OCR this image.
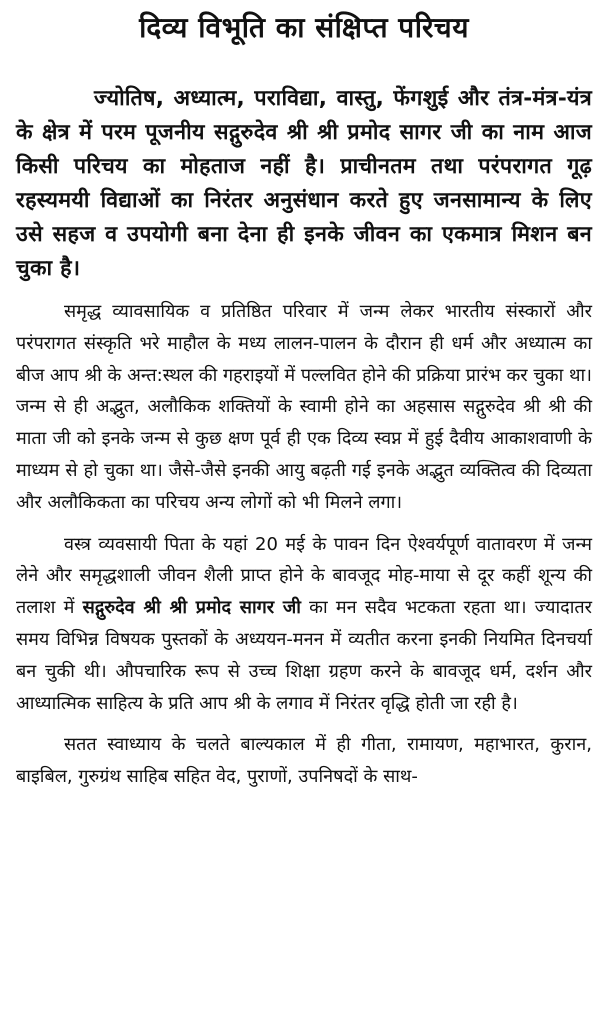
दिव्य विभूति का संक्षिप्त परिचय

ज्योतिष, अध्यात्म, पराविद्या, वास्तु, फेंगशुई और तंत्र-मंत्र-यंत्र के क्षेत्र में परम पूजनीय सद्गुरुदेव श्री श्री प्रमोद सागर जी का नाम आज किसी परिचय का मोहताज नहीं है। प्राचीनतम तथा परंपरागत गूढ़ रहस्यमयी विद्याओं का निरंतर अनुसंधान करते हुए जनसामान्य के लिए उसे सहज व उपयोगी बना देना ही इनके जीवन का एकमात्र मिशन बन चुका है।

समृद्ध व्यावसायिक व प्रतिष्ठित परिवार में जन्म लेकर भारतीय संस्कारों और परंपरागत संस्कृति भरे माहौल के मध्य लालन-पालन के दौरान ही धर्म और अध्यात्म का बीज आप श्री के अन्त:स्थल की गहराइयों में पल्लवित होने की प्रक्रिया प्रारंभ कर चुका था। जन्म से ही अद्भुत, अलौकिक शक्तियों के स्वामी होने का अहसास सद्गुरुदेव श्री श्री की माता जी को इनके जन्म से कुछ क्षण पूर्व ही एक दिव्य स्वप्न में हुई दैवीय आकाशवाणी के माध्यम से हो चुका था। जैसे-जैसे इनकी आयु बढ़ती गई इनके अद्भुत व्यक्तित्व की दिव्यता और अलौकिकता का परिचय अन्य लोगों को भी मिलने लगा।

वस्त्र व्यवसायी पिता के यहां 20 मई के पावन दिन ऐश्वर्यपूर्ण वातावरण में जन्म लेने और समृद्धशाली जीवन शैली प्राप्त होने के बावजूद मोह-माया से दूर कहीं शून्य की तलाश में सद्गुरुदेव श्री श्री प्रमोद सागर जी का मन सदैव भटकता रहता था। ज्यादातर समय विभिन्न विषयक पुस्तकों के अध्ययन-मनन में व्यतीत करना इनकी नियमित दिनचर्या बन चुकी थी। औपचारिक रूप से उच्च शिक्षा ग्रहण करने के बावजूद धर्म, दर्शन और आध्यात्मिक साहित्य के प्रति आप श्री के लगाव में निरंतर वृद्धि होती जा रही है।

सतत स्वाध्याय के चलते बाल्यकाल में ही गीता, रामायण, महाभारत, कुरान, बाइबिल, गुरुग्रंथ साहिब सहित वेद, पुराणों, उपनिषदों के साथ-
